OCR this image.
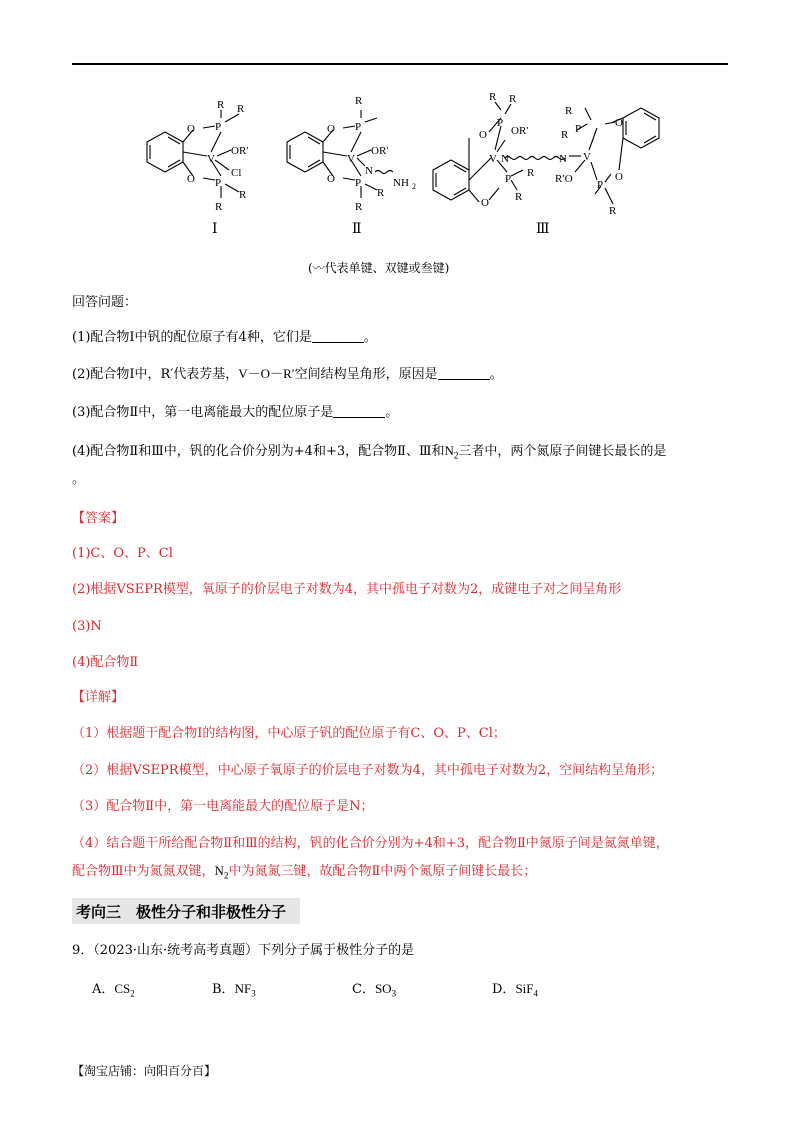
O P
R R
V
OR′
Cl
O P
R
R
O P
R
V
OR′
N
NH 2
O P
R
R
O
P
R R
OR′
V N
O
P R
R
N V
O
P
R
R
R′O	O
P
R
Ⅰ	Ⅱ	Ⅲ
(〰代表单键、双键或叁键)
回答问题：
(1)配合物Ⅰ中钒的配位原子有4种，它们是	。
(2)配合物Ⅰ中，R′代表芳基，V－O－R′空间结构呈角形，原因是	。
(3)配合物Ⅱ中，第一电离能最大的配位原子是	。
(4)配合物Ⅱ和Ⅲ中，钒的化合价分别为+4和+3，配合物Ⅱ、Ⅲ和$N_2$三者中，两个氮原子间键长最长的是
。
【答案】
(1)C、O、P、Cl
(2)根据VSEPR模型，氧原子的价层电子对数为4，其中孤电子对数为2，成键电子对之间呈角形
(3)N
(4)配合物Ⅱ
【详解】
（1）根据题干配合物Ⅰ的结构图，中心原子钒的配位原子有C、O、P、Cl；
（2）根据VSEPR模型，中心原子氧原子的价层电子对数为4，其中孤电子对数为2，空间结构呈角形；
（3）配合物Ⅱ中，第一电离能最大的配位原子是N；
（4）结合题干所给配合物Ⅱ和Ⅲ的结构，钒的化合价分别为+4和+3，配合物Ⅱ中氮原子间是氮氮单键，
配合物Ⅲ中为氮氮双键，$N_2$中为氮氮三键，故配合物Ⅱ中两个氮原子间键长最长；
考向三　极性分子和非极性分子
9．（2023·山东·统考高考真题）下列分子属于极性分子的是
A．$CS_2$	B．$NF_3$	C．$SO_3$	D．SiF$_4$
【淘宝店铺：向阳百分百】
